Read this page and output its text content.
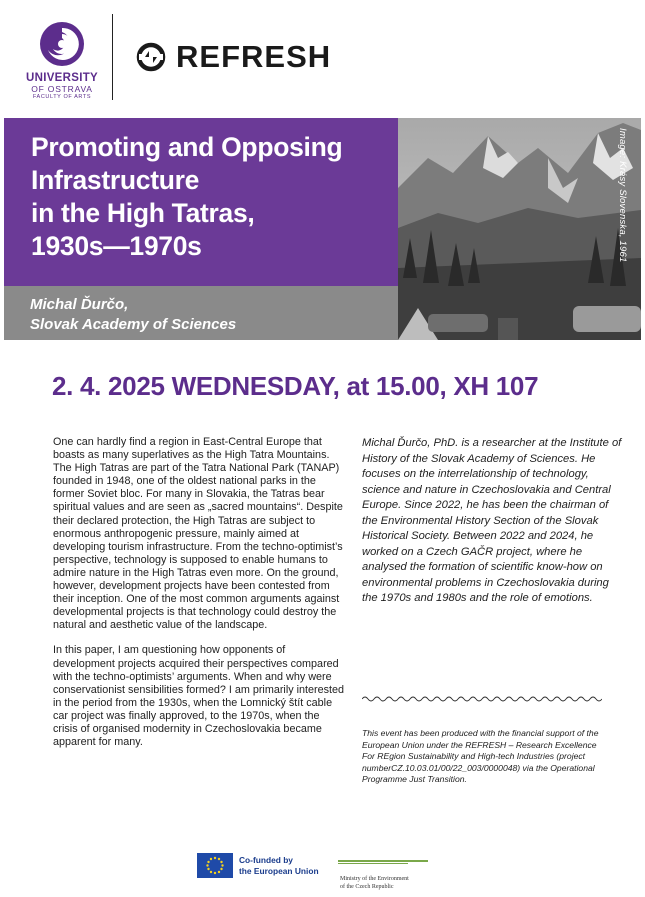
UNIVERSITY
OF OSTRAVA
FACULTY OF ARTS
REFRESH
Promoting and Opposing
Infrastructure
in the High Tatras,
1930s—1970s
Michal Ďurčo,
Slovak Academy of Sciences
Image: Krásy Slovenska, 1961
2. 4. 2025 WEDNESDAY, at 15.00, XH 107

One can hardly find a region in East-Central Europe that boasts as many superlatives as the High Tatra Mountains. The High Tatras are part of the Tatra National Park (TANAP) founded in 1948, one of the oldest national parks in the former Soviet bloc. For many in Slovakia, the Tatras bear spiritual values and are seen as „sacred mountains“. Despite their declared protection, the High Tatras are subject to enormous anthropogenic pressure, mainly aimed at developing tourism infrastructure. From the techno-optimist’s perspective, technology is supposed to enable humans to admire nature in the High Tatras even more. On the ground, however, development projects have been contested from their inception. One of the most common arguments against developmental projects is that technology could destroy the natural and aesthetic value of the landscape.

In this paper, I am questioning how opponents of development projects acquired their perspectives compared with the techno-optimists’ arguments. When and why were conservationist sensibilities formed? I am primarily interested in the period from the 1930s, when the Lomnický štít cable car project was finally approved, to the 1970s, when the crisis of organised modernity in Czechoslovakia became apparent for many.

Michal Ďurčo, PhD. is a researcher at the Institute of History of the Slovak Academy of Sciences. He focuses on the interrelationship of technology, science and nature in Czechoslovakia and Central Europe. Since 2022, he has been the chairman of the Environmental History Section of the Slovak Historical Society. Between 2022 and 2024, he worked on a Czech GAČR project, where he analysed the formation of scientific know-how on environmental problems in Czechoslovakia during the 1970s and 1980s and the role of emotions.
This event has been produced with the financial support of the European Union under the REFRESH – Research Excellence For REgion Sustainability and High-tech Industries (project numberCZ.10.03.01/00/22_003/0000048) via the Operational Programme Just Transition.
Co-funded by
the European Union
Ministry of the Environment
of the Czech Republic
